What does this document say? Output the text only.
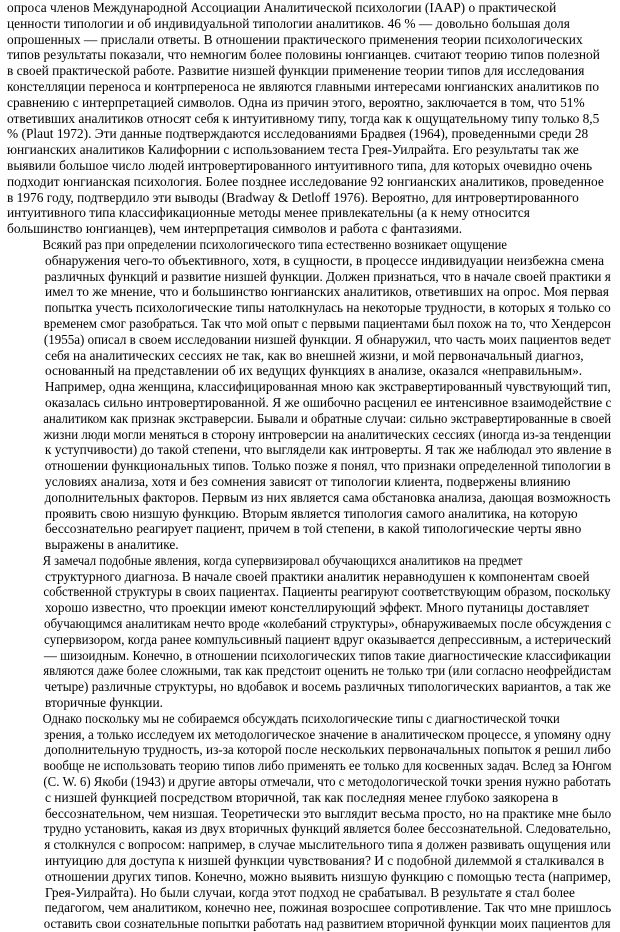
опроса членов Международной Ассоциации Аналитической психологии (IAAP) о практической
ценности типологии и об индивидуальной типологии аналитиков. 46 % — довольно большая доля
опрошенных — прислали ответы. В отношении практического применения теории психологических
типов результаты показали, что немногим более половины юнгианцев. считают теорию типов полезной
в своей практической работе. Развитие низшей функции применение теории типов для исследования
констелляции переноса и контрпереноса не являются главными интересами юнгианских аналитиков по
сравнению с интерпретацией символов. Одна из причин этого, вероятно, заключается в том, что 51%
ответивших аналитиков относят себя к интуитивному типу, тогда как к ощущательному типу только 8,5
% (Plaut 1972). Эти данные подтверждаются исследованиями Брадвея (1964), проведенными среди 28
юнгианских аналитиков Калифорнии с использованием теста Грея-Уилрайта. Его результаты так же
выявили большое число людей интровертированного интуитивного типа, для которых очевидно очень
подходит юнгианская психология. Более позднее исследование 92 юнгианских аналитиков, проведенное
в 1976 году, подтвердило эти выводы (Bradway & Detloff 1976). Вероятно, для интровертированного
интуитивного типа классификационные методы менее привлекательны (а к нему относится
большинство юнгианцев), чем интерпретация символов и работа с фантазиями.
Всякий раз при определении психологического типа естественно возникает ощущение
обнаружения чего-то объективного, хотя, в сущности, в процессе индивидуации неизбежна смена
различных функций и развитие низшей функции. Должен признаться, что в начале своей практики я
имел то же мнение, что и большинство юнгианских аналитиков, ответивших на опрос. Моя первая
попытка учесть психологические типы натолкнулась на некоторые трудности, в которых я только со
временем смог разобраться. Так что мой опыт с первыми пациентами был похож на то, что Хендерсон
(1955а) описал в своем исследовании низшей функции. Я обнаружил, что часть моих пациентов ведет
себя на аналитических сессиях не так, как во внешней жизни, и мой первоначальный диагноз,
основанный на представлении об их ведущих функциях в анализе, оказался «неправильным».
Например, одна женщина, классифицированная мною как экстравертированный чувствующий тип,
оказалась сильно интровертированной. Я же ошибочно расценил ее интенсивное взаимодействие с
аналитиком как признак экстраверсии. Бывали и обратные случаи: сильно экстравертированные в своей
жизни люди могли меняться в сторону интроверсии на аналитических сессиях (иногда из-за тенденции
к уступчивости) до такой степени, что выглядели как интроверты. Я так же наблюдал это явление в
отношении функциональных типов. Только позже я понял, что признаки определенной типологии в
условиях анализа, хотя и без сомнения зависят от типологии клиента, подвержены влиянию
дополнительных факторов. Первым из них является сама обстановка анализа, дающая возможность
проявить свою низшую функцию. Вторым является типология самого аналитика, на которую
бессознательно реагирует пациент, причем в той степени, в какой типологические черты явно
выражены в аналитике.
Я замечал подобные явления, когда супервизировал обучающихся аналитиков на предмет
структурного диагноза. В начале своей практики аналитик неравнодушен к компонентам своей
собственной структуры в своих пациентах. Пациенты реагируют соответствующим образом, поскольку
хорошо известно, что проекции имеют констеллирующий эффект. Много путаницы доставляет
обучающимся аналитикам нечто вроде «колебаний структуры», обнаруживаемых после обсуждения с
супервизором, когда ранее компульсивный пациент вдруг оказывается депрессивным, а истерический
— шизоидным. Конечно, в отношении психологических типов такие диагностические классификации
являются даже более сложными, так как предстоит оценить не только три (или согласно неофрейдистам
четыре) различные структуры, но вдобавок и восемь различных типологических вариантов, а так же
вторичные функции.
Однако поскольку мы не собираемся обсуждать психологические типы с диагностической точки
зрения, а только исследуем их методологическое значение в аналитическом процессе, я упомяну одну
дополнительную трудность, из-за которой после нескольких первоначальных попыток я решил либо
вообще не использовать теорию типов либо применять ее только для косвенных задач. Вслед за Юнгом
(С. W. 6) Якоби (1943) и другие авторы отмечали, что с методологической точки зрения нужно работать
с низшей функцией посредством вторичной, так как последняя менее глубоко заякорена в
бессознательном, чем низшая. Теоретически это выглядит весьма просто, но на практике мне было
трудно установить, какая из двух вторичных функций является более бессознательной. Следовательно,
я столкнулся с вопросом: например, в случае мыслительного типа я должен развивать ощущения или
интуицию для доступа к низшей функции чувствования? И с подобной дилеммой я сталкивался в
отношении других типов. Конечно, можно выявить низшую функцию с помощью теста (например,
Грея-Уилрайта). Но были случаи, когда этот подход не срабатывал. В результате я стал более
педагогом, чем аналитиком, конечно нее, пожиная возросшее сопротивление. Так что мне пришлось
оставить свои сознательные попытки работать над развитием вторичной функции моих пациентов для
